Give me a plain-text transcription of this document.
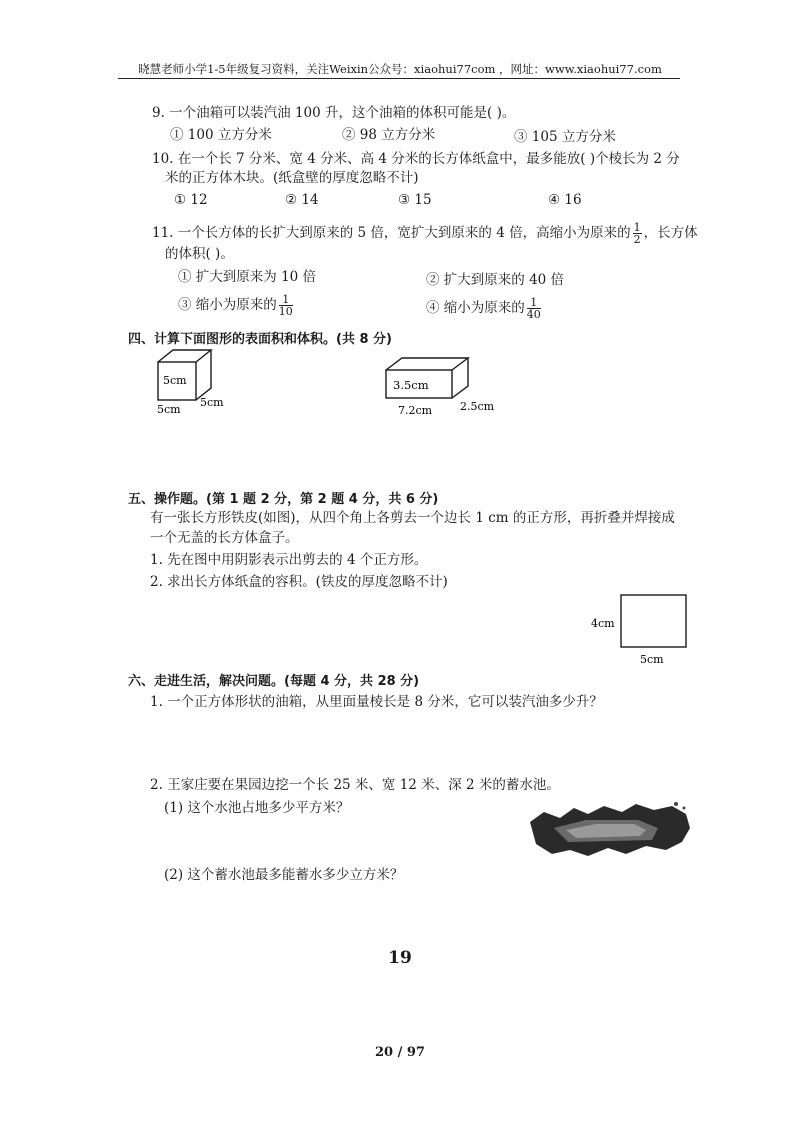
晓慧老师小学1-5年级复习资料，关注Weixin公众号：xiaohui77com ，网址：www.xiaohui77.com
9. 一个油箱可以装汽油 100 升，这个油箱的体积可能是( )。
① 100 立方分米	② 98 立方分米	③ 105 立方分米
10. 在一个长 7 分米、宽 4 分米、高 4 分米的长方体纸盒中，最多能放( )个棱长为 2 分
米的正方体木块。(纸盒壁的厚度忽略不计)
① 12	② 14	③ 15	④ 16
11. 一个长方体的长扩大到原来的 5 倍，宽扩大到原来的 4 倍，高缩小为原来的 $\frac{1}{2}$ ，长方体
的体积( )。
① 扩大到原来为 10 倍	② 扩大到原来的 40 倍
③ 缩小为原来的 $\frac{1}{10}$	④ 缩小为原来的 $\frac{1}{40}$
四、计算下面图形的表面积和体积。(共 8 分)
5cm
5cm
5cm
3.5cm
7.2cm	2.5cm
五、操作题。(第 1 题 2 分，第 2 题 4 分，共 6 分)
有一张长方形铁皮(如图)，从四个角上各剪去一个边长 1 cm 的正方形，再折叠并焊接成
一个无盖的长方体盒子。
1. 先在图中用阴影表示出剪去的 4 个正方形。
2. 求出长方体纸盒的容积。(铁皮的厚度忽略不计)
4cm
5cm
六、走进生活，解决问题。(每题 4 分，共 28 分)
1. 一个正方体形状的油箱，从里面量棱长是 8 分米，它可以装汽油多少升？
2. 王家庄要在果园边挖一个长 25 米、宽 12 米、深 2 米的蓄水池。
(1) 这个水池占地多少平方米？
(2) 这个蓄水池最多能蓄水多少立方米？
19
20 / 97
